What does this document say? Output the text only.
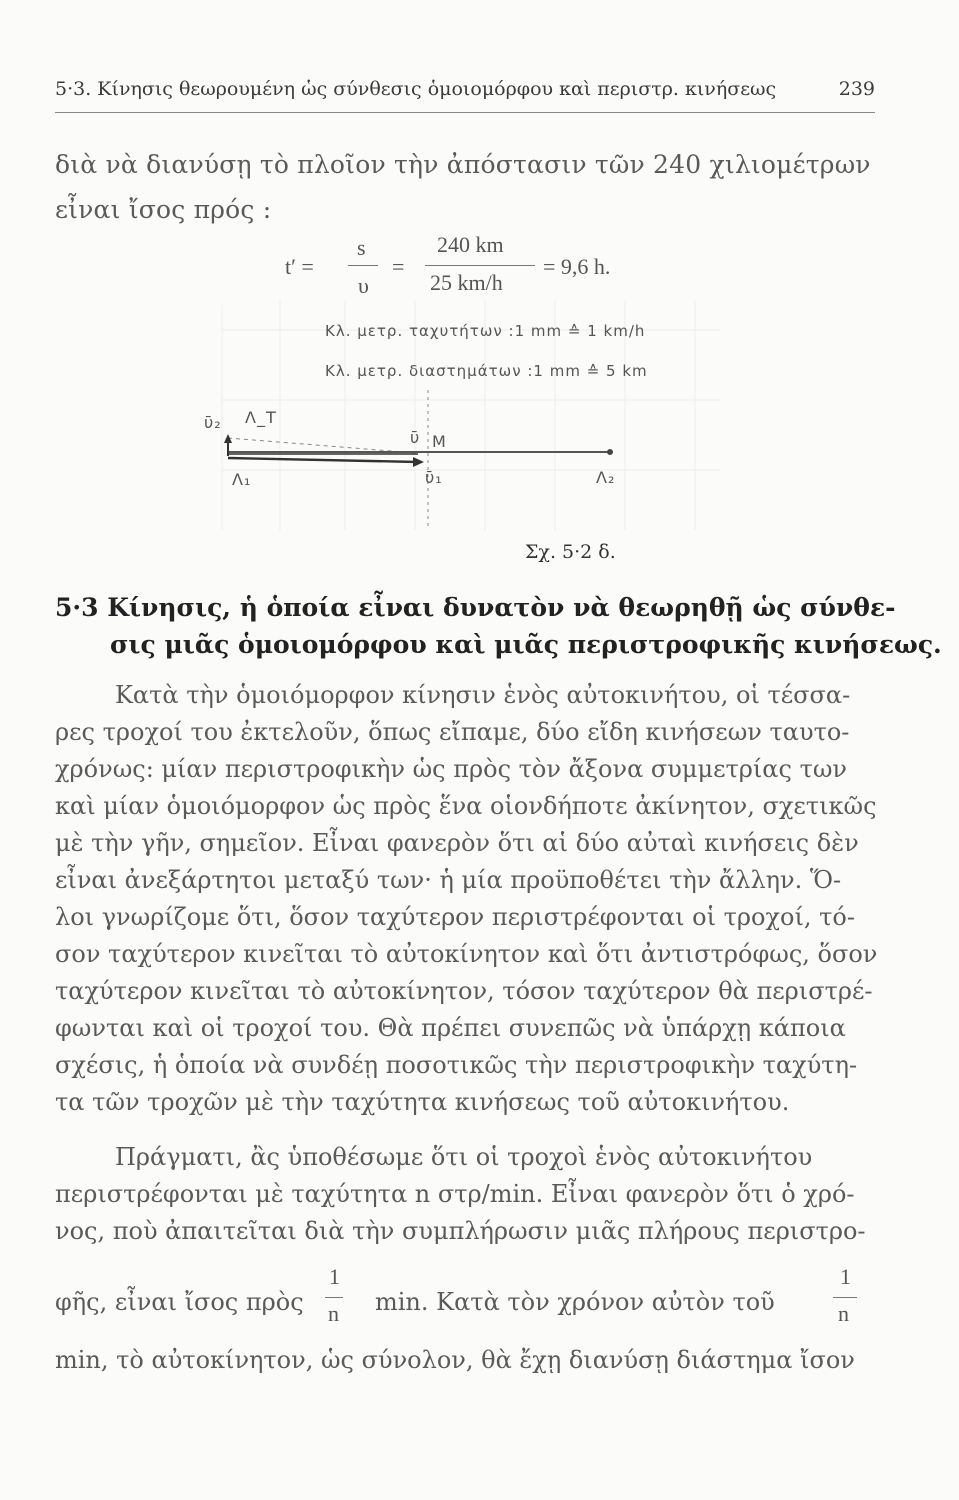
5·3. Κίνησις θεωρουμένη ὡς σύνθεσις ὁμοιομόρφου καὶ περιστρ. κινήσεως	239
διὰ νὰ διανύσῃ τὸ πλοῖον τὴν ἀπόστασιν τῶν 240 χιλιομέτρων
εἶναι ἴσος πρός :
t′ =
s
υ
=
240 km
25 km/h
= 9,6 h.
Κλ. μετρ. ταχυτήτων :1 mm ≙ 1 km/h
Κλ. μετρ. διαστημάτων :1 mm ≙ 5 km
ῡ₂ Λ_T
ῡ M
Λ₁	ῡ₁	Λ₂
Σχ. 5·2 δ.
5·3 Κίνησις, ἡ ὁποία εἶναι δυνατὸν νὰ θεωρηθῇ ὡς σύνθε-
σις μιᾶς ὁμοιομόρφου καὶ μιᾶς περιστροφικῆς κινήσεως.
Κατὰ τὴν ὁμοιόμορφον κίνησιν ἑνὸς αὐτοκινήτου, οἱ τέσσα-
ρες τροχοί του ἐκτελοῦν, ὅπως εἴπαμε, δύο εἴδη κινήσεων ταυτο-
χρόνως: μίαν περιστροφικὴν ὡς πρὸς τὸν ἄξονα συμμετρίας των
καὶ μίαν ὁμοιόμορφον ὡς πρὸς ἕνα οἱονδήποτε ἀκίνητον, σχετικῶς
μὲ τὴν γῆν, σημεῖον. Εἶναι φανερὸν ὅτι αἱ δύο αὐταὶ κινήσεις δὲν
εἶναι ἀνεξάρτητοι μεταξύ των· ἡ μία προϋποθέτει τὴν ἄλλην. Ὅ-
λοι γνωρίζομε ὅτι, ὅσον ταχύτερον περιστρέφονται οἱ τροχοί, τό-
σον ταχύτερον κινεῖται τὸ αὐτοκίνητον καὶ ὅτι ἀντιστρόφως, ὅσον
ταχύτερον κινεῖται τὸ αὐτοκίνητον, τόσον ταχύτερον θὰ περιστρέ-
φωνται καὶ οἱ τροχοί του. Θὰ πρέπει συνεπῶς νὰ ὑπάρχῃ κάποια
σχέσις, ἡ ὁποία νὰ συνδέῃ ποσοτικῶς τὴν περιστροφικὴν ταχύτη-
τα τῶν τροχῶν μὲ τὴν ταχύτητα κινήσεως τοῦ αὐτοκινήτου.
Πράγματι, ἂς ὑποθέσωμε ὅτι οἱ τροχοὶ ἑνὸς αὐτοκινήτου
περιστρέφονται μὲ ταχύτητα n στρ/min. Εἶναι φανερὸν ὅτι ὁ χρό-
νος, ποὺ ἀπαιτεῖται διὰ τὴν συμπλήρωσιν μιᾶς πλήρους περιστρο-
φῆς, εἶναι ἴσος πρὸς
1
n min. Κατὰ τὸν χρόνον αὐτὸν τοῦ
1
n
min, τὸ αὐτοκίνητον, ὡς σύνολον, θὰ ἔχῃ διανύσῃ διάστημα ἴσον
